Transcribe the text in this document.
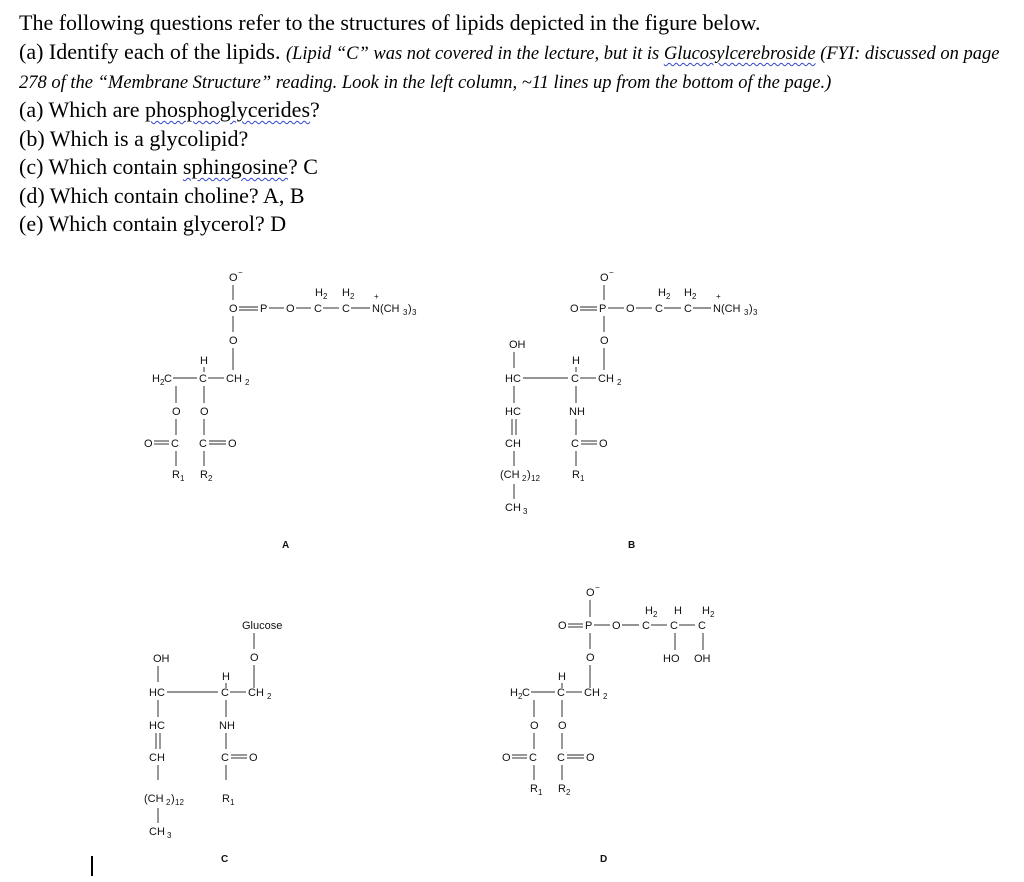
The following questions refer to the structures of lipids depicted in the figure below.
(a) Identify each of the lipids. (Lipid “C” was not covered in the lecture, but it is Glucosylcerebroside (FYI: discussed on page 278 of the “Membrane Structure” reading. Look in the left column, ~11 lines up from the bottom of the page.)
(a) Which are phosphoglycerides?
(b) Which is a glycolipid?
(c) Which contain sphingosine? C
(d) Which contain choline? A, B
(e) Which contain glycerol? D
O −
O P O
H 2
C
H 2
C
+
N(CH 3 ) 3
O
H
H 2 C C CH 2
O O
O C C O
R 1 R 2
A
O −
O P O
H 2
C
H 2
C
+
N(CH 3 ) 3
O
OH
H
HC	C CH 2
HC	NH
CH	C O
(CH 2 ) 12	R 1
CH 3
B
Glucose
O
OH
H
HC	C CH 2
HC	NH
CH	C O
(CH 2 ) 12	R 1
CH 3
C
O −
O P O
H 2
C
H
C
H 2
C
HO OH
O
H
H 2 C C CH 2
O O
O C C O
R 1 R 2
D
